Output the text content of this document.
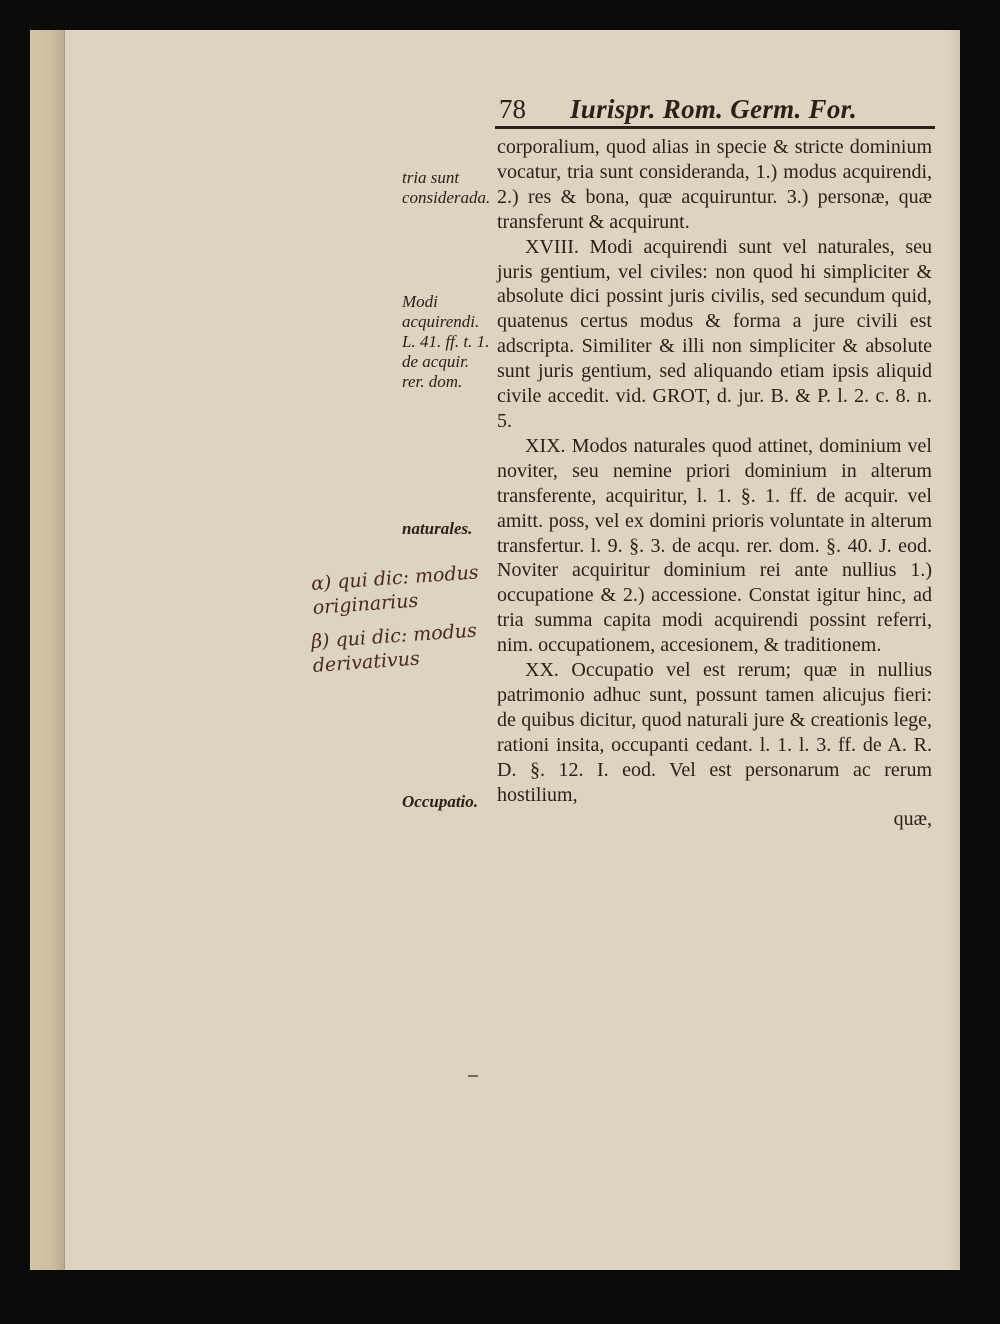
78 Iurispr. Rom. Germ. For.
tria sunt considerada.
Modi acquirendi. L. 41. ff. t. 1. de acquir. rer. dom.
naturales.
Occupatio.
α) qui dic: modus originarius
β) qui dic: modus derivativus

corporalium, quod alias in specie & stricte dominium vocatur, tria sunt consideranda, 1.) modus acquirendi, 2.) res & bona, quæ acquiruntur. 3.) personæ, quæ transferunt & acquirunt.

XVIII. Modi acquirendi sunt vel naturales, seu juris gentium, vel civiles: non quod hi simpliciter & absolute dici possint juris civilis, sed secundum quid, quatenus certus modus & forma a jure civili est adscripta. Similiter & illi non simpliciter & absolute sunt juris gentium, sed aliquando etiam ipsis aliquid civile accedit. vid. GROT, d. jur. B. & P. l. 2. c. 8. n. 5.

XIX. Modos naturales quod attinet, dominium vel noviter, seu nemine priori dominium in alterum transferente, acquiritur, l. 1. §. 1. ff. de acquir. vel amitt. poss, vel ex domini prioris voluntate in alterum transfertur. l. 9. §. 3. de acqu. rer. dom. §. 40. J. eod. Noviter acquiritur dominium rei ante nullius 1.) occupatione & 2.) accessione. Constat igitur hinc, ad tria summa capita modi acquirendi possint referri, nim. occupationem, accesionem, & traditionem.

XX. Occupatio vel est rerum; quæ in nullius patrimonio adhuc sunt, possunt tamen alicujus fieri: de quibus dicitur, quod naturali jure & creationis lege, rationi insita, occupanti cedant. l. 1. l. 3. ff. de A. R. D. §. 12. I. eod. Vel est personarum ac rerum hostilium,

quæ,
